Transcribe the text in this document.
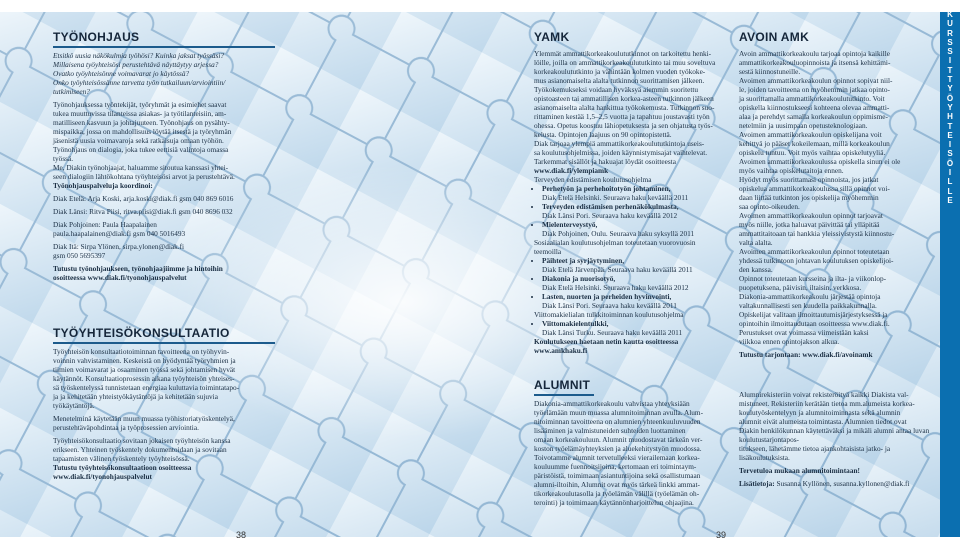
TYÖNOHJAUS

Etsitkö uusia näkökulmia työhösi? Kuinka jaksat työssäsi?

Millaisena työyhteisösi perustehtävä näyttäytyy arjessa?

Ovatko työyhteisönne voimavarat jo käytössä?

Onko työyhteisössänne tarvetta työn tutkailuun/arviointiin/

tutkimiseen?

Työnohjauksessa työntekijät, työryhmät ja esimiehet saavat

tukea muuttuvissa tilanteissa asiakas- ja työtilanteisiin, am-

matilliseen kasvuun ja johtajuuteen. Työnohjaus on pysähty-

mispaikka, jossa on mahdollisuus löytää itsestä ja työryhmän

jäsenistä uusia voimavaroja sekä ratkaisuja omaan työhön.

Työnohjaus on dialogia, joka tukee eettisiä valintoja omassa

työssä.

Me, Diakin työnohjaajat, haluamme sitoutua kanssasi yhtei-

seen dialogiin lähtökohtana työyhteisösi arvot ja perustehtävä.

Työnohjauspalveluja koordinoi:

Diak Etelä: Arja Koski, arja.koski@diak.fi gsm 040 869 6016

Diak Länsi: Ritva Piisi, ritva.piisi@diak.fi gsm 040 8696 032

Diak Pohjoinen: Paula Haapalainen

paula.haapalainen@diak.fi gsm 040 5016493

Diak Itä: Sirpa Ylönen, sirpa.ylonen@diak.fi

gsm 050 5695397

Tutustu työnohjaukseen, työnohjaajiimme ja hintoihin

osoitteessa www.diak.fi/tyonohjauspalvelut

TYÖYHTEISÖKONSULTAATIO

Työyhteisön konsultaatiotoiminnan tavoitteena on työhyvin-

voinnin vahvistaminen. Keskeistä on hyödyntää työryhmien ja

tiimien voimavarat ja osaaminen työssä sekä johtamisen hyvät

käytännöt. Konsultaatioprosessin aikana työyhteisön yhteises-

sä työskentelyssä tunnistetaan energiaa kuluttavia toimintatapo-

ja ja kehitetään yhteistyökäytäntöjä ja kehitetään sujuvia

työkäytäntöjä.

Menetelminä käytetään muun muassa työhistoriatyöskentelyä,

perustehtäväpohdintaa ja työprosessien arviointia.

Työyhteisökonsultaatio sovitaan jokaisen työyhteisön kanssa

erikseen. Yhteinen työskentely dokumentoidaan ja sovitaan

tapaamisten välinen työskentely työyhteisössä.

Tutustu työyhteisökonsultaatioon osoitteessa

www.diak.fi/tyonohjauspalvelut

38
YAMK

Ylemmät ammattikorkeakoulututkinnot on tarkoitettu henki-

löille, joilla on ammattikorkeakoulututkinto tai muu soveltuva

korkeakoulututkinto ja vähintään kolmen vuoden työkoke-

mus asianomaiselta alalta tutkinnon suorittamisen jälkeen.

Työkokemukseksi voidaan hyväksyä aiemmin suoritettu

opistoasteen tai ammatillisen korkea-asteen tutkinnon jälkeen

asianomaiselta alalta hankittua työkokemusta. Tutkinnon suo-

rittaminen kestää 1,5–2,5 vuotta ja tapahtuu joustavasti työn

ohessa. Opetus koostuu lähiopetuksesta ja sen ohjatusta työs-

kelusta. Opintojen laajuus on 90 opintopistettä.

Diak tarjoaa ylempiä ammattikorkeakoulututkintoja useis-

sa koulutusohjelmissa, joiden käynnistymisajat vaihtelevat.

Tarkemmat sisällöt ja hakuajat löydät osoitteesta

www.diak.fi/ylempiamk

Terveyden edistämisen koulutusohjelma

• Perhetyön ja perhehoitotyön johtaminen,
Diak Etelä Helsinki. Seuraava haku keväällä 2011
• Terveyden edistämisen perhenäkökulmasta,
Diak Länsi Pori. Seuraava haku keväällä 2012
• Mielenterveystyö,
Diak Pohjoinen, Oulu. Seuraava haku syksyllä 2011

Sosiaalialan koulutusohjelman toteutetaan vuorovuosin

teemoilla

• Päihteet ja syrjäytyminen,
Diak Etelä Järvenpää. Seuraava haku keväällä 2011
• Diakonia ja nuorisotyö,
Diak Etelä Helsinki. Seuraava haku keväällä 2012
• Lasten, nuorten ja perheiden hyvinvointi,
Diak Länsi Pori. Seuraava haku keväällä 2011

Viittomakielialan tulkkitoiminnan koulutusohjelma

• Viittomakielentulkki,
Diak Länsi Turku. Seuraava haku keväällä 2011

Koulutukseen haetaan netin kautta osoitteessa

www.amkhaku.fi

AVOIN AMK

Avoin ammattikorkeakoulu tarjoaa opintoja kaikille

ammattikorkeakouluopinnoista ja itsensä kehittämi-

sestä kiinnostuneille.

Avoimen ammattikorkeakoulun opinnot sopivat niil-

le, joiden tavoitteena on myöhemmin jatkaa opinto-

ja suorittamalla ammattikorkeakoulututkinto. Voit

opiskella kiinnostukseesi kohteena olevaa ammatti-

alaa ja perehdyt samalla korkeakoulun oppimisme-

netelmiin ja uusimpaan opetusteknologiaan.

Avoimen ammattikorkeakoulun opiskelijana voit

kehittyä jo pääset kokeilemaan, millä korkeakoulun

opiskelu tuntuu. Voit myös vaihtaa opiskelutyyliä.

Avoimen ammattikorkeakoulussa opiskella sinun ei ole

myös vaihtaa opiskelutaitoja ennen.

Hyödyt myös suorittamasi opinnoista, jos jatkat

opiskelua ammattikorkeakoulussa sillä opinnot voi-

daan liittää tutkinton jos opiskelija myöhemmin

saa opinto-oikeuden.

Avoimen ammattikorkeakoulun opinnot tarjoavat

myös niille, jotka haluavat päivittää tai ylläpitää

ammattitaitoaan tai hankkia yleissivistystä kiinnostu-

valta alalta.

Avoimen ammattikorkeakoulun opinnot toteutetaan

yhdessä tutkintoon johtavan koulutuksen opiskelijoi-

den kanssa.

Opinnot toteutetaan kursseina ja ilta- ja viikonlop-

puopetuksena, päivisin, iltaisin, verkkosa.

Diakonia-ammattikorkeakoulu järjestää opintoja

valtakunnallisesti sen kuudella paikkakunnalla.

Opiskelijat valitaan ilmoittautumisjärjestyksessä ja

opintoihin ilmoittaudutaan osoitteessa www.diak.fi.

Perustukset ovat voimassa viimeistään kaksi

viikkoa ennen opintojakson alkua.

Tutustu tarjontaan: www.diak.fi/avoinamk

ALUMNIT

Diakonia-ammattikorkeakoulu vahvistaa yhteyksiään

työelämään muun muassa alumnitoiminnan avulla. Alum-

nitoiminnan tavoitteena on alumnien yhteenkuuluvuuden

lisääminen ja valmistuneiden suhteiden luottaminen

omaan korkeakouluun. Alumnit muodostavat tärkeän ver-

koston työelämäyhteyksien ja aluekehitystyön muodossa.

Toivotamme alumnit tervetulleeksi vierailemaan korkea-

kouluumme fuennoitsijoina, kertomaan eri toimintaym-

päristöistä, toimimaan asiantuntijoina sekä osallistumaan

alumni-iltoihin, Alumnit ovat myös tärkeä linkki ammat-

tikorkeakoulutasolla ja työelämän välillä (työelämän oh-

terointi) ja toimimaan käytännönharjoittelun ohjaajina.

Alumnirekisteriin voivat rekisteröityä kaikki Diakista val-

mistuneet. Rekisteriin kerätään tietoa mm.alumeista korkea-

koulutyöskentelyyn ja alumnitoiminnasta sekä alumnin

alumnit eivät alumeista toimintasta. Alumnien tiedot ovat

Diakin henkilökunnan käytettäväksi ja mikäli alumni antaa luvan koulutustarjontapos-

titukseen, lähetämme tietoa ajankohtaisista jatko- ja

lisäkoulutuksista.

Tervetuloa mukaan alumnitoimintaan!

Lisätietoja: Susanna Kyllönen, susanna.kyllonen@diak.fi

39
K
U
R
S
S
I
T
T
Y
Ö
Y
H
T
E
I
S
Ö
I
L
L
E
